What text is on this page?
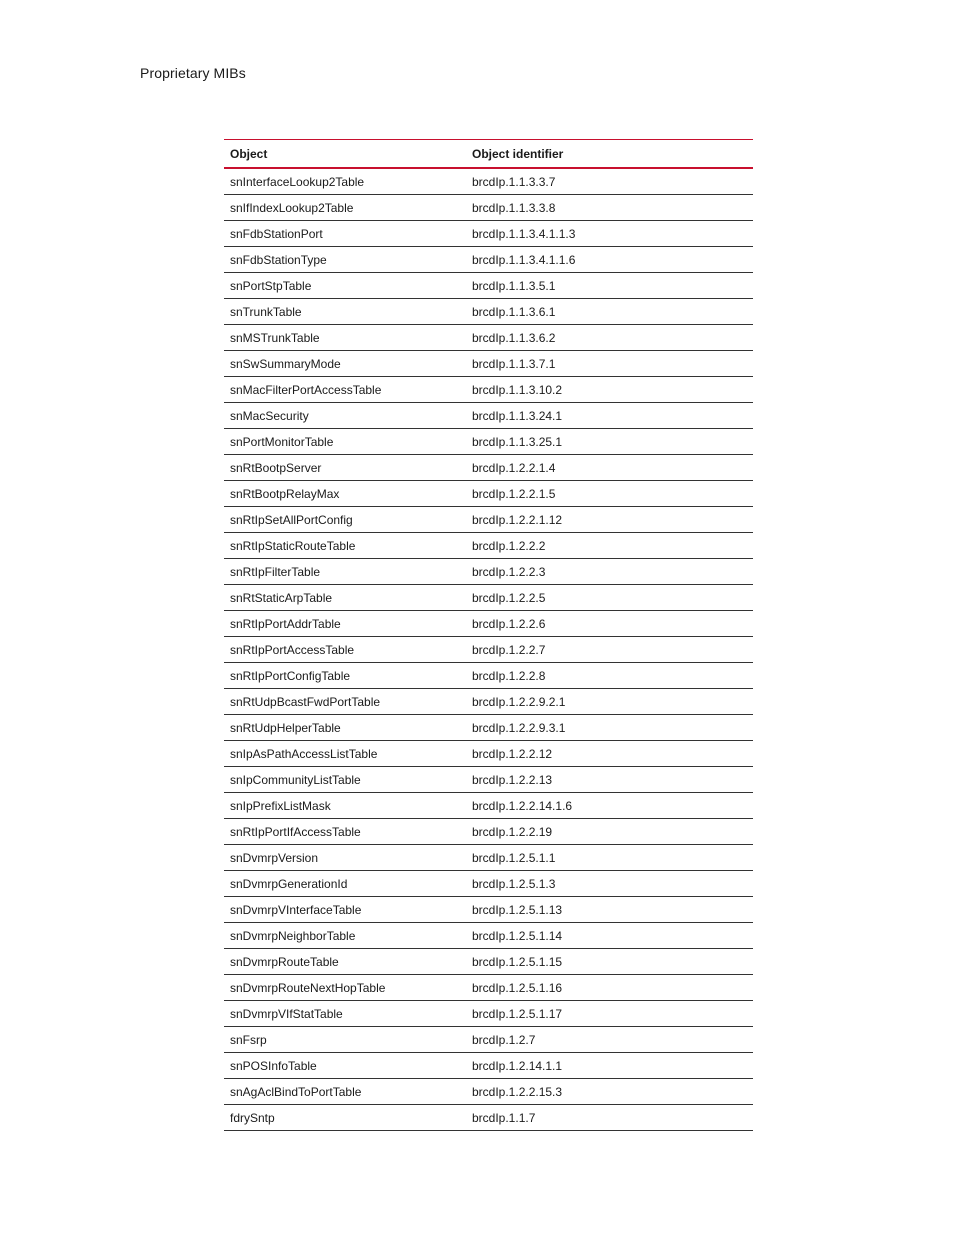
Proprietary MIBs
Object	Object identifier
snInterfaceLookup2Table	brcdIp.1.1.3.3.7
snIfIndexLookup2Table	brcdIp.1.1.3.3.8
snFdbStationPort	brcdIp.1.1.3.4.1.1.3
snFdbStationType	brcdIp.1.1.3.4.1.1.6
snPortStpTable	brcdIp.1.1.3.5.1
snTrunkTable	brcdIp.1.1.3.6.1
snMSTrunkTable	brcdIp.1.1.3.6.2
snSwSummaryMode	brcdIp.1.1.3.7.1
snMacFilterPortAccessTable	brcdIp.1.1.3.10.2
snMacSecurity	brcdIp.1.1.3.24.1
snPortMonitorTable	brcdIp.1.1.3.25.1
snRtBootpServer	brcdIp.1.2.2.1.4
snRtBootpRelayMax	brcdIp.1.2.2.1.5
snRtIpSetAllPortConfig	brcdIp.1.2.2.1.12
snRtIpStaticRouteTable	brcdIp.1.2.2.2
snRtIpFilterTable	brcdIp.1.2.2.3
snRtStaticArpTable	brcdIp.1.2.2.5
snRtIpPortAddrTable	brcdIp.1.2.2.6
snRtIpPortAccessTable	brcdIp.1.2.2.7
snRtIpPortConfigTable	brcdIp.1.2.2.8
snRtUdpBcastFwdPortTable	brcdIp.1.2.2.9.2.1
snRtUdpHelperTable	brcdIp.1.2.2.9.3.1
snIpAsPathAccessListTable	brcdIp.1.2.2.12
snIpCommunityListTable	brcdIp.1.2.2.13
snIpPrefixListMask	brcdIp.1.2.2.14.1.6
snRtIpPortIfAccessTable	brcdIp.1.2.2.19
snDvmrpVersion	brcdIp.1.2.5.1.1
snDvmrpGenerationId	brcdIp.1.2.5.1.3
snDvmrpVInterfaceTable	brcdIp.1.2.5.1.13
snDvmrpNeighborTable	brcdIp.1.2.5.1.14
snDvmrpRouteTable	brcdIp.1.2.5.1.15
snDvmrpRouteNextHopTable	brcdIp.1.2.5.1.16
snDvmrpVIfStatTable	brcdIp.1.2.5.1.17
snFsrp	brcdIp.1.2.7
snPOSInfoTable	brcdIp.1.2.14.1.1
snAgAclBindToPortTable	brcdIp.1.2.2.15.3
fdrySntp	brcdIp.1.1.7
